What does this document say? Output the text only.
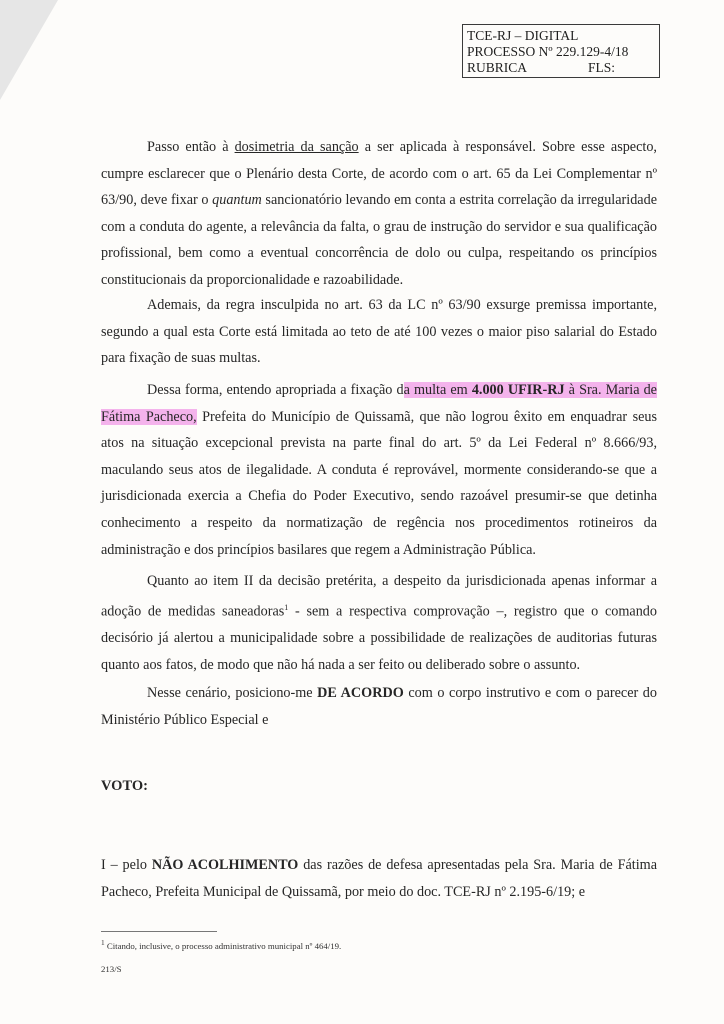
TCE-RJ – DIGITAL
PROCESSO Nº 229.129-4/18
RUBRICA	FLS:

Passo então à dosimetria da sanção a ser aplicada à responsável. Sobre esse aspecto, cumpre esclarecer que o Plenário desta Corte, de acordo com o art. 65 da Lei Complementar nº 63/90, deve fixar o quantum sancionatório levando em conta a estrita correlação da irregularidade com a conduta do agente, a relevância da falta, o grau de instrução do servidor e sua qualificação profissional, bem como a eventual concorrência de dolo ou culpa, respeitando os princípios constitucionais da proporcionalidade e razoabilidade.

Ademais, da regra insculpida no art. 63 da LC nº 63/90 exsurge premissa importante, segundo a qual esta Corte está limitada ao teto de até 100 vezes o maior piso salarial do Estado para fixação de suas multas.

Dessa forma, entendo apropriada a fixação da multa em 4.000 UFIR-RJ à Sra. Maria de Fátima Pacheco, Prefeita do Município de Quissamã, que não logrou êxito em enquadrar seus atos na situação excepcional prevista na parte final do art. 5º da Lei Federal nº 8.666/93, maculando seus atos de ilegalidade. A conduta é reprovável, mormente considerando-se que a jurisdicionada exercia a Chefia do Poder Executivo, sendo razoável presumir-se que detinha conhecimento a respeito da normatização de regência nos procedimentos rotineiros da administração e dos princípios basilares que regem a Administração Pública.

Quanto ao item II da decisão pretérita, a despeito da jurisdicionada apenas informar a adoção de medidas saneadoras$^1$ - sem a respectiva comprovação –, registro que o comando decisório já alertou a municipalidade sobre a possibilidade de realizações de auditorias futuras quanto aos fatos, de modo que não há nada a ser feito ou deliberado sobre o assunto.

Nesse cenário, posiciono-me DE ACORDO com o corpo instrutivo e com o parecer do Ministério Público Especial e

VOTO:
I – pelo NÃO ACOLHIMENTO das razões de defesa apresentadas pela Sra. Maria de Fátima Pacheco, Prefeita Municipal de Quissamã, por meio do doc. TCE-RJ nº 2.195-6/19; e
$^1$ Citando, inclusive, o processo administrativo municipal nº 464/19.
213/S
